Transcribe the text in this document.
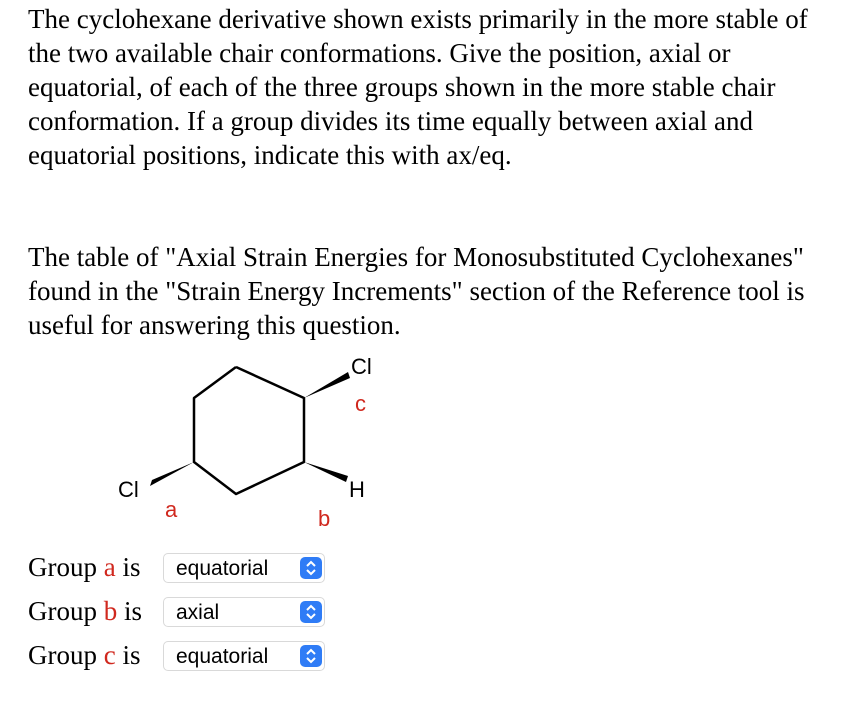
The cyclohexane derivative shown exists primarily in the more stable of the two available chair conformations. Give the position, axial or equatorial, of each of the three groups shown in the more stable chair conformation. If a group divides its time equally between axial and equatorial positions, indicate this with ax/eq.
The table of "Axial Strain Energies for Monosubstituted Cyclohexanes" found in the "Strain Energy Increments" section of the Reference tool is useful for answering this question.
Cl
c
Cl
a
H
b
Group a is equatorial
Group b is axial
Group c is equatorial
